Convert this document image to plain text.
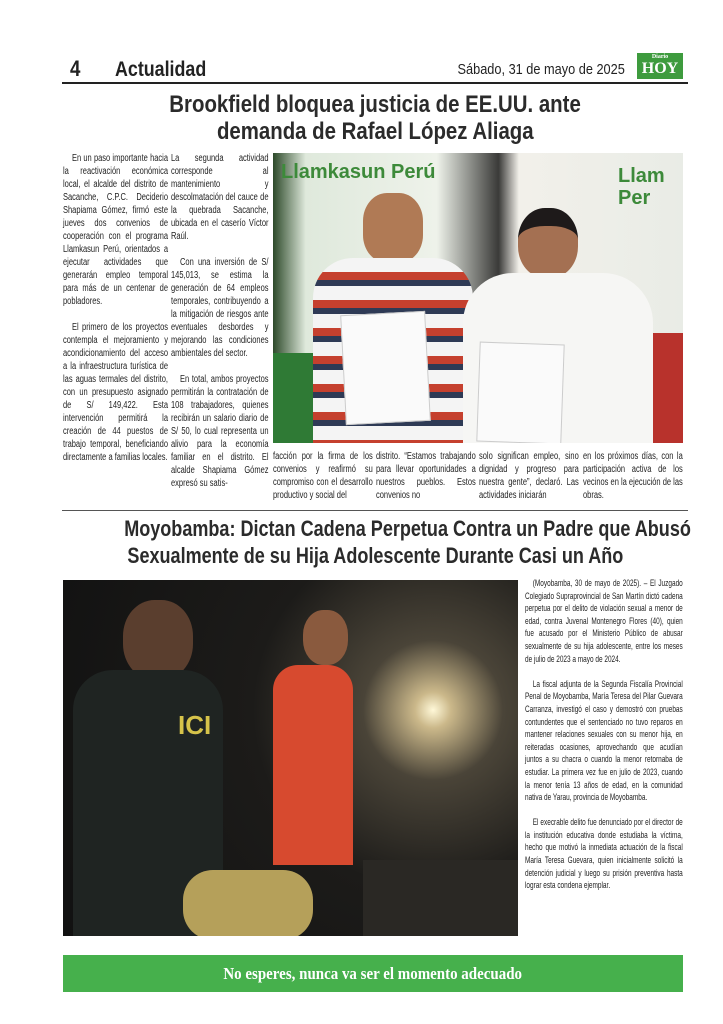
4 Actualidad	Sábado, 31 de mayo de 2025
Diario
HOY
Brookfield bloquea justicia de EE.UU. ante
demanda de Rafael López Aliaga

En un paso importante hacia la reactivación económica local, el alcalde del distrito de Sacanche, C.P.C. Deciderio Shapiama Gómez, firmó este jueves dos convenios de cooperación con el programa Llamkasun Perú, orientados a ejecutar actividades que generarán empleo temporal para más de un centenar de pobladores.

El primero de los proyectos contempla el mejoramiento y acondicionamiento del acceso a la infraestructura turística de las aguas termales del distrito, con un presupuesto asignado de S/ 149,422. Esta intervención permitirá la creación de 44 puestos de trabajo temporal, beneficiando directamente a familias locales.

La segunda actividad corresponde al mantenimiento y descolmatación del cauce de la quebrada Sacanche, ubicada en el caserío Víctor Raúl.

Con una inversión de S/ 145,013, se estima la generación de 64 empleos temporales, contribuyendo a la mitigación de riesgos ante eventuales desbordes y mejorando las condiciones ambientales del sector.

En total, ambos proyectos permitirán la contratación de 108 trabajadores, quienes recibirán un salario diario de S/ 50, lo cual representa un alivio para la economía familiar en el distrito. El alcalde Shapiama Gómez expresó su satis-

Llamkasun Perú	Llam Per

facción por la firma de los convenios y reafirmó su compromiso con el desarrollo productivo y social del

distrito. “Estamos trabajando para llevar oportunidades a nuestros pueblos. Estos convenios no

solo significan empleo, sino dignidad y progreso para nuestra gente”, declaró. Las actividades iniciarán

en los próximos días, con la participación activa de los vecinos en la ejecución de las obras.

Moyobamba: Dictan Cadena Perpetua Contra un Padre que Abusó
Sexualmente de su Hija Adolescente Durante Casi un Año
ICI

(Moyobamba, 30 de mayo de 2025). – El Juzgado Colegiado Supraprovincial de San Martín dictó cadena perpetua por el delito de violación sexual a menor de edad, contra Juvenal Montenegro Flores (40), quien fue acusado por el Ministerio Público de abusar sexualmente de su hija adolescente, entre los meses de julio de 2023 a mayo de 2024.

La fiscal adjunta de la Segunda Fiscalía Provincial Penal de Moyobamba, María Teresa del Pilar Guevara Carranza, investigó el caso y demostró con pruebas contundentes que el sentenciado no tuvo reparos en mantener relaciones sexuales con su menor hija, en reiteradas ocasiones, aprovechando que acudían juntos a su chacra o cuando la menor retornaba de estudiar. La primera vez fue en julio de 2023, cuando la menor tenía 13 años de edad, en la comunidad nativa de Yarau, provincia de Moyobamba.

El execrable delito fue denunciado por el director de la institución educativa donde estudiaba la víctima, hecho que motivó la inmediata actuación de la fiscal María Teresa Guevara, quien inicialmente solicitó la detención judicial y luego su prisión preventiva hasta lograr esta condena ejemplar.

No esperes, nunca va ser el momento adecuado
